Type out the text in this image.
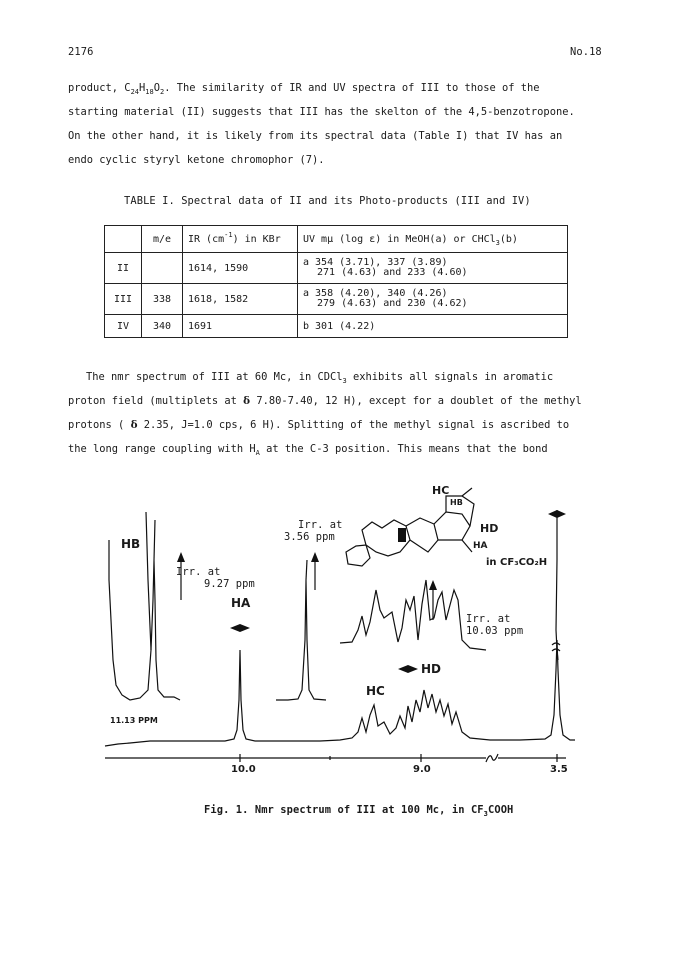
2176	No.18
product, $C_{24}H_{18}O_2$. The similarity of IR and UV spectra of III to those of the
starting material (II) suggests that III has the skelton of the 4,5-benzotropone.
On the other hand, it is likely from its spectral data (Table I) that IV has an
endo cyclic styryl ketone chromophor (7).
TABLE I. Spectral data of II and its Photo-products (III and IV)
	m/e	IR $(cm^{-1})$ in KBr	UV mμ (log ε) in MeOH(a) or CHCl$_3$(b)
II		1614, 1590	a 354 (3.71), 337 (3.89)
271 (4.63) and 233 (4.60)

III	338	1618, 1582	a 358 (4.20), 340 (4.26)
279 (4.63) and 230 (4.62)

IV	340	1691	b 301 (4.22)
The nmr spectrum of III at 60 Mc, in CDCl$_3$ exhibits all signals in aromatic
proton field (multiplets at δ 7.80-7.40, 12 H), except for a doublet of the methyl
protons ( δ 2.35, J=1.0 cps, 6 H). Splitting of the methyl signal is ascribed to
the long range coupling with $H_A$ at the C-3 position. This means that the bond
HB
Irr. at
9.27 ppm
HA
Irr. at
3.56 ppm
HC
HB
HD
HA
in CF₃CO₂H
Irr. at
10.03 ppm
HD
HC
11.13 PPM
10.0	9.0	3.5
Fig. 1. Nmr spectrum of III at 100 Mc, in $CF_3COOH$
